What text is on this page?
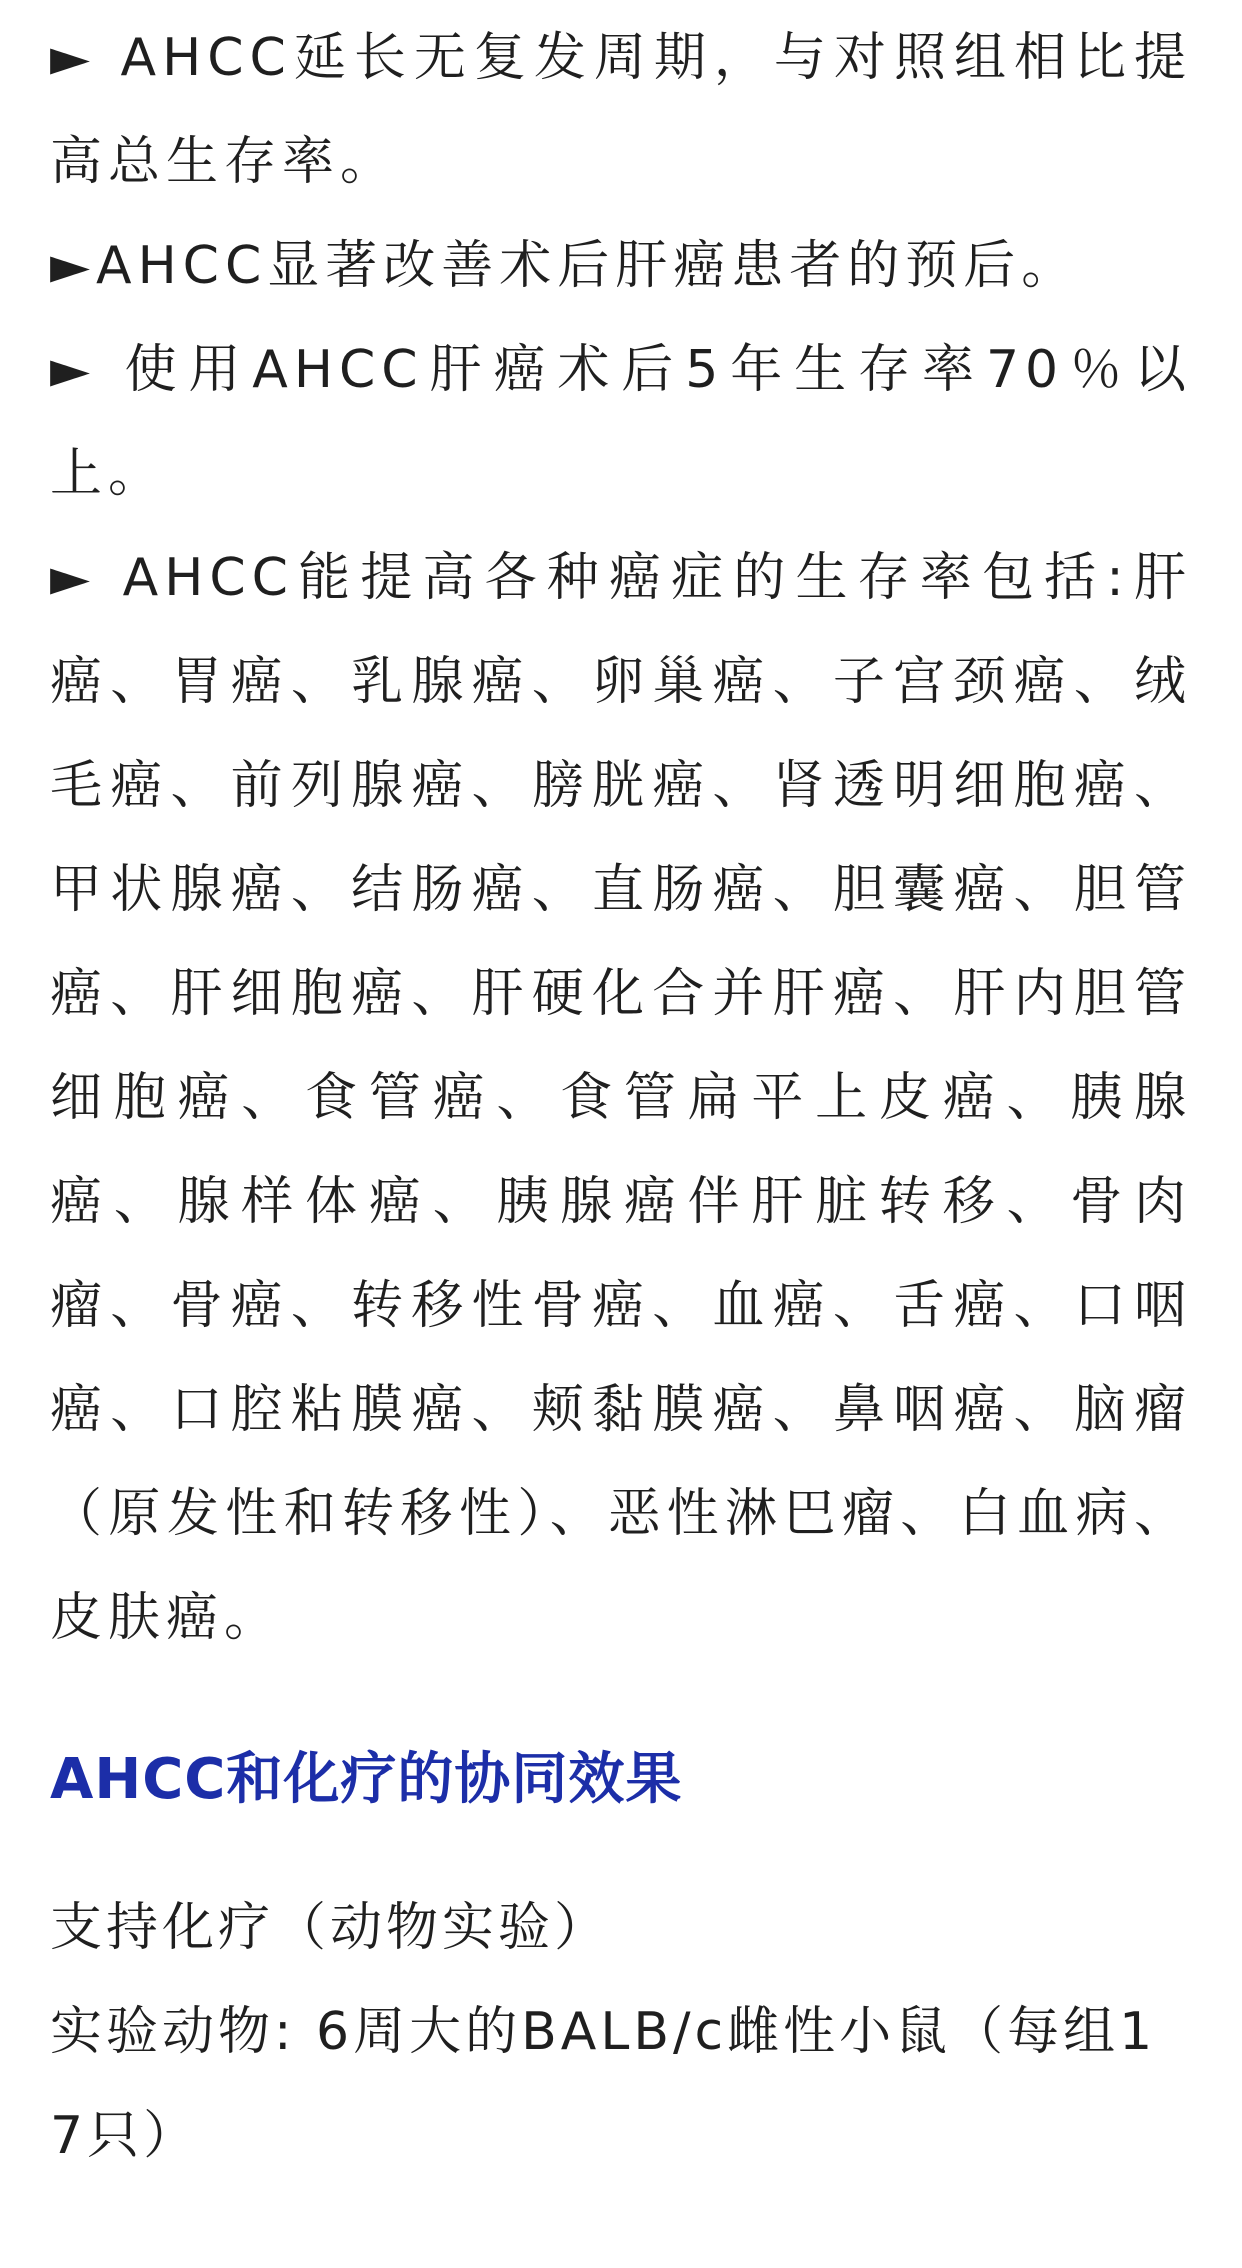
► AHCC延长无复发周期，与对照组相比提高总生存率。

►AHCC显著改善术后肝癌患者的预后。

► 使用AHCC肝癌术后5年生存率70％以上。

► AHCC能提高各种癌症的生存率包括:肝癌、胃癌、乳腺癌、卵巢癌、子宫颈癌、绒毛癌、前列腺癌、膀胱癌、肾透明细胞癌、甲状腺癌、结肠癌、直肠癌、胆囊癌、胆管癌、肝细胞癌、肝硬化合并肝癌、肝内胆管细胞癌、食管癌、食管扁平上皮癌、胰腺癌、腺样体癌、胰腺癌伴肝脏转移、骨肉瘤、骨癌、转移性骨癌、血癌、舌癌、口咽癌、口腔粘膜癌、颊黏膜癌、鼻咽癌、脑瘤（原发性和转移性）、恶性淋巴瘤、白血病、皮肤癌。

AHCC和化疗的协同效果

支持化疗（动物实验）

实验动物: 6周大的BALB/c雌性小鼠（每组17只）
